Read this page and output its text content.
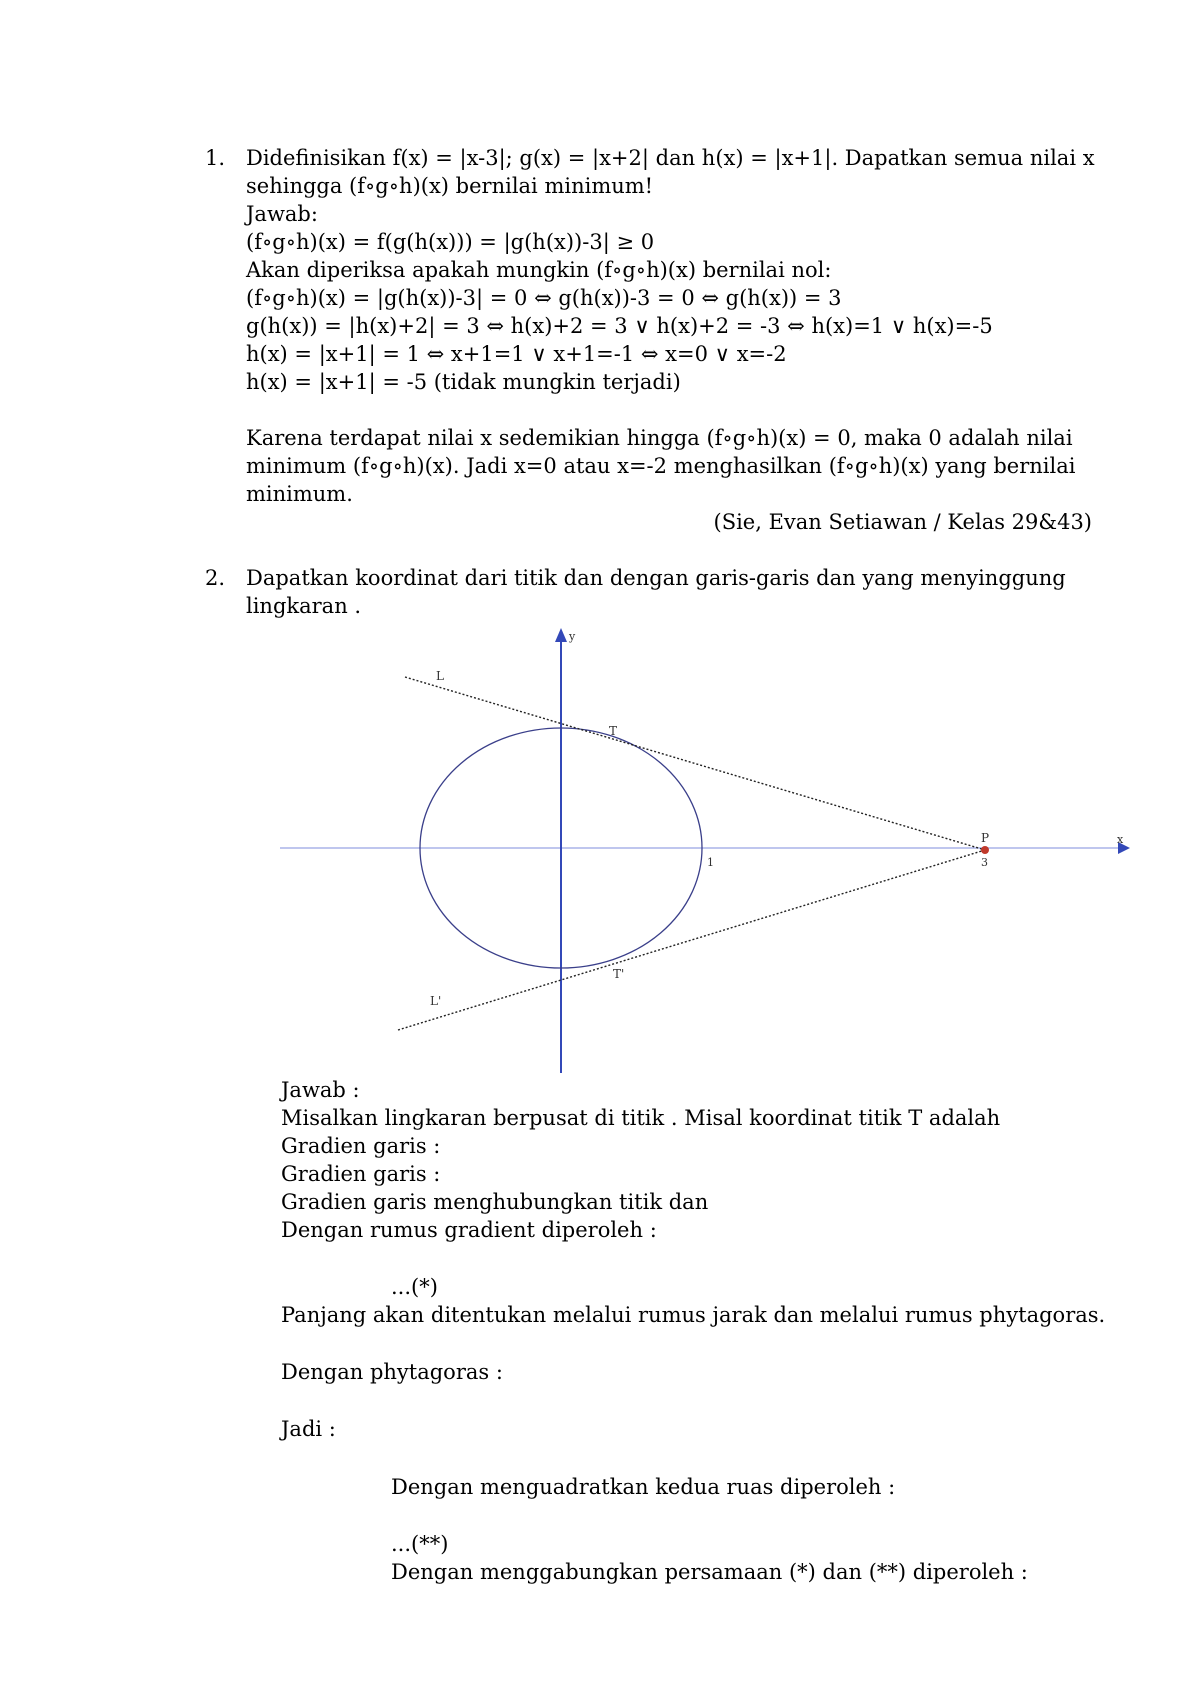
1. Didefinisikan f(x) = |x-3|; g(x) = |x+2| dan h(x) = |x+1|. Dapatkan semua nilai x
sehingga (f∘g∘h)(x) bernilai minimum!
Jawab:
(f∘g∘h)(x) = f(g(h(x))) = |g(h(x))-3| ≥ 0
Akan diperiksa apakah mungkin (f∘g∘h)(x) bernilai nol:
(f∘g∘h)(x) = |g(h(x))-3| = 0 ⇔ g(h(x))-3 = 0 ⇔ g(h(x)) = 3
g(h(x)) = |h(x)+2| = 3 ⇔ h(x)+2 = 3 ∨ h(x)+2 = -3 ⇔ h(x)=1 ∨ h(x)=-5
h(x) = |x+1| = 1 ⇔ x+1=1 ∨ x+1=-1 ⇔ x=0 ∨ x=-2
h(x) = |x+1| = -5 (tidak mungkin terjadi)
Karena terdapat nilai x sedemikian hingga (f∘g∘h)(x) = 0, maka 0 adalah nilai
minimum (f∘g∘h)(x). Jadi x=0 atau x=-2 menghasilkan (f∘g∘h)(x) yang bernilai
minimum.
(Sie, Evan Setiawan / Kelas 29&43)
2. Dapatkan koordinat dari titik dan dengan garis-garis dan yang menyinggung
lingkaran .
y
x
L
T
P
3
1
T'
L'
Jawab :
Misalkan lingkaran berpusat di titik . Misal koordinat titik T adalah
Gradien garis :
Gradien garis :
Gradien garis menghubungkan titik dan
Dengan rumus gradient diperoleh :
...(*)
Panjang akan ditentukan melalui rumus jarak dan melalui rumus phytagoras.
Dengan phytagoras :
Jadi :
Dengan menguadratkan kedua ruas diperoleh :
...(**)
Dengan menggabungkan persamaan (*) dan (**) diperoleh :
